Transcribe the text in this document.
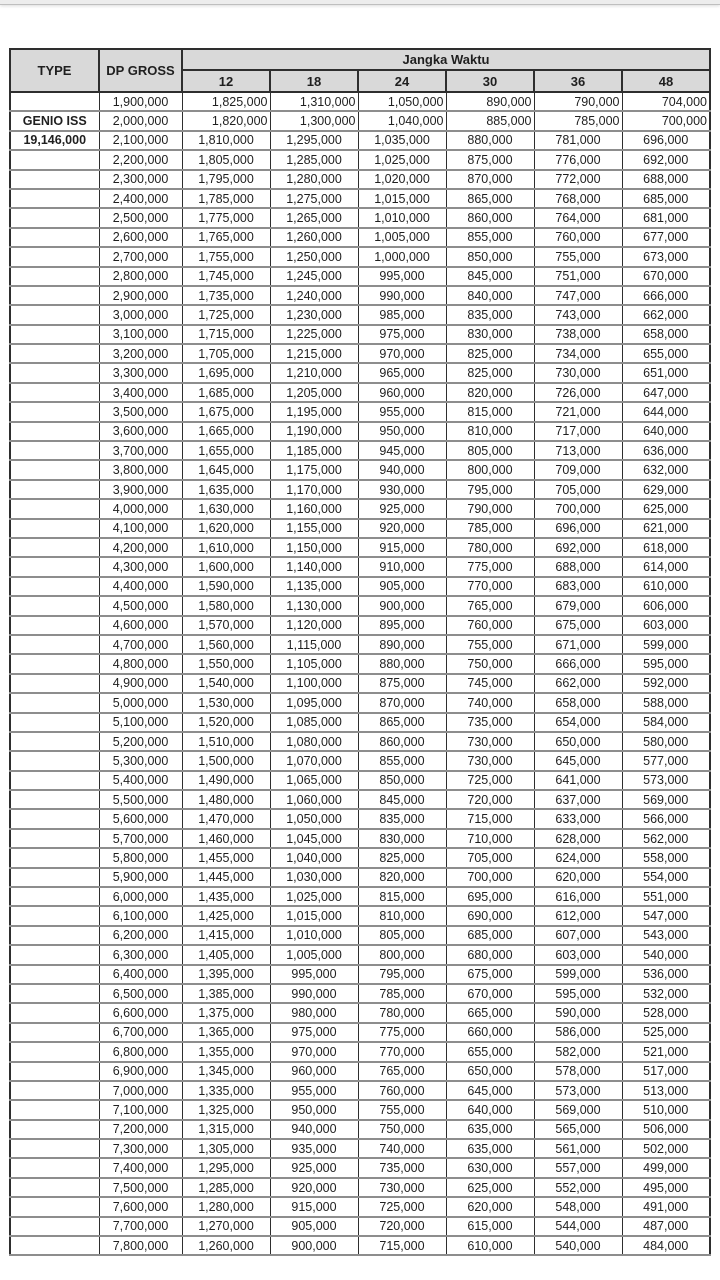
TYPE	DP GROSS	Jangka Waktu					
		12	18	24	30	36	48
	1,900,000	1,825,000	1,310,000	1,050,000	890,000	790,000	704,000
GENIO ISS	2,000,000	1,820,000	1,300,000	1,040,000	885,000	785,000	700,000
19,146,000	2,100,000	1,810,000	1,295,000	1,035,000	880,000	781,000	696,000
	2,200,000	1,805,000	1,285,000	1,025,000	875,000	776,000	692,000
	2,300,000	1,795,000	1,280,000	1,020,000	870,000	772,000	688,000
	2,400,000	1,785,000	1,275,000	1,015,000	865,000	768,000	685,000
	2,500,000	1,775,000	1,265,000	1,010,000	860,000	764,000	681,000
	2,600,000	1,765,000	1,260,000	1,005,000	855,000	760,000	677,000
	2,700,000	1,755,000	1,250,000	1,000,000	850,000	755,000	673,000
	2,800,000	1,745,000	1,245,000	995,000	845,000	751,000	670,000
	2,900,000	1,735,000	1,240,000	990,000	840,000	747,000	666,000
	3,000,000	1,725,000	1,230,000	985,000	835,000	743,000	662,000
	3,100,000	1,715,000	1,225,000	975,000	830,000	738,000	658,000
	3,200,000	1,705,000	1,215,000	970,000	825,000	734,000	655,000
	3,300,000	1,695,000	1,210,000	965,000	825,000	730,000	651,000
	3,400,000	1,685,000	1,205,000	960,000	820,000	726,000	647,000
	3,500,000	1,675,000	1,195,000	955,000	815,000	721,000	644,000
	3,600,000	1,665,000	1,190,000	950,000	810,000	717,000	640,000
	3,700,000	1,655,000	1,185,000	945,000	805,000	713,000	636,000
	3,800,000	1,645,000	1,175,000	940,000	800,000	709,000	632,000
	3,900,000	1,635,000	1,170,000	930,000	795,000	705,000	629,000
	4,000,000	1,630,000	1,160,000	925,000	790,000	700,000	625,000
	4,100,000	1,620,000	1,155,000	920,000	785,000	696,000	621,000
	4,200,000	1,610,000	1,150,000	915,000	780,000	692,000	618,000
	4,300,000	1,600,000	1,140,000	910,000	775,000	688,000	614,000
	4,400,000	1,590,000	1,135,000	905,000	770,000	683,000	610,000
	4,500,000	1,580,000	1,130,000	900,000	765,000	679,000	606,000
	4,600,000	1,570,000	1,120,000	895,000	760,000	675,000	603,000
	4,700,000	1,560,000	1,115,000	890,000	755,000	671,000	599,000
	4,800,000	1,550,000	1,105,000	880,000	750,000	666,000	595,000
	4,900,000	1,540,000	1,100,000	875,000	745,000	662,000	592,000
	5,000,000	1,530,000	1,095,000	870,000	740,000	658,000	588,000
	5,100,000	1,520,000	1,085,000	865,000	735,000	654,000	584,000
	5,200,000	1,510,000	1,080,000	860,000	730,000	650,000	580,000
	5,300,000	1,500,000	1,070,000	855,000	730,000	645,000	577,000
	5,400,000	1,490,000	1,065,000	850,000	725,000	641,000	573,000
	5,500,000	1,480,000	1,060,000	845,000	720,000	637,000	569,000
	5,600,000	1,470,000	1,050,000	835,000	715,000	633,000	566,000
	5,700,000	1,460,000	1,045,000	830,000	710,000	628,000	562,000
	5,800,000	1,455,000	1,040,000	825,000	705,000	624,000	558,000
	5,900,000	1,445,000	1,030,000	820,000	700,000	620,000	554,000
	6,000,000	1,435,000	1,025,000	815,000	695,000	616,000	551,000
	6,100,000	1,425,000	1,015,000	810,000	690,000	612,000	547,000
	6,200,000	1,415,000	1,010,000	805,000	685,000	607,000	543,000
	6,300,000	1,405,000	1,005,000	800,000	680,000	603,000	540,000
	6,400,000	1,395,000	995,000	795,000	675,000	599,000	536,000
	6,500,000	1,385,000	990,000	785,000	670,000	595,000	532,000
	6,600,000	1,375,000	980,000	780,000	665,000	590,000	528,000
	6,700,000	1,365,000	975,000	775,000	660,000	586,000	525,000
	6,800,000	1,355,000	970,000	770,000	655,000	582,000	521,000
	6,900,000	1,345,000	960,000	765,000	650,000	578,000	517,000
	7,000,000	1,335,000	955,000	760,000	645,000	573,000	513,000
	7,100,000	1,325,000	950,000	755,000	640,000	569,000	510,000
	7,200,000	1,315,000	940,000	750,000	635,000	565,000	506,000
	7,300,000	1,305,000	935,000	740,000	635,000	561,000	502,000
	7,400,000	1,295,000	925,000	735,000	630,000	557,000	499,000
	7,500,000	1,285,000	920,000	730,000	625,000	552,000	495,000
	7,600,000	1,280,000	915,000	725,000	620,000	548,000	491,000
	7,700,000	1,270,000	905,000	720,000	615,000	544,000	487,000
	7,800,000	1,260,000	900,000	715,000	610,000	540,000	484,000
